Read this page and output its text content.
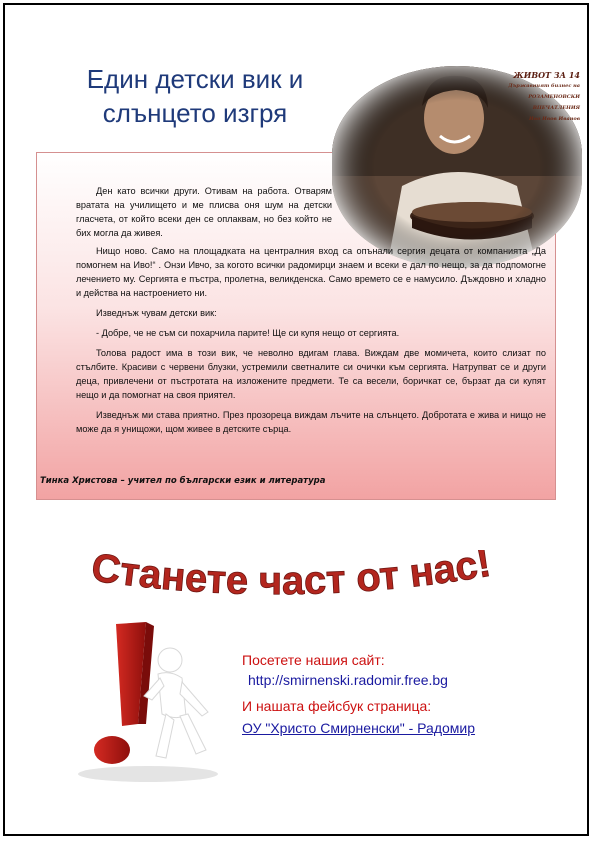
Един детски вик и
слънцето изгря
ЖИВОТ ЗА 14
Държавният бизнес на
РОЗАМЕНОВСКИ
ВПЕЧАТЛЕНИЯ
Иво Ивов Иванов

Ден като всички други. Отивам на работа. Отварям вратата на училището и ме плисва оня шум на детски гласчета, от който всеки ден се оплаквам, но без който не бих могла да живея.

Нищо ново. Само на площадката на централния вход са опънали сергия децата от компанията „Да помогнем на Иво!“ . Онзи Ивчо, за когото всички радомирци знаем и всеки е дал по нещо, за да подпомогне лечението му. Сергията е пъстра, пролетна, великденска. Само времето се е намусило. Дъждовно и хладно и действа на настроението ни.

Изведнъж чувам детски вик:

- Добре, че не съм си похарчила парите! Ще си купя нещо от сергията.

Толова радост има в този вик, че неволно вдигам глава. Виждам две момичета, които слизат по стълбите. Красиви с червени блузки, устремили светналите си очички към сергията. Натрупват се и други деца, привлечени от пъстротата на изложените предмети. Те са весели, боричкат се, бързат да си купят нещо и да помогнат на своя приятел.

Изведнъж ми става приятно. През прозореца виждам лъчите на слънцето. Добротата е жива и нищо не може да я унищожи, щом живее в детските сърца.

Тинка Христова – учител по български език и литература
Станете част от нас!
Посетете нашия сайт:
http://smirnenski.radomir.free.bg
И нашата фейсбук страница:
ОУ "Христо Смирненски" - Радомир
